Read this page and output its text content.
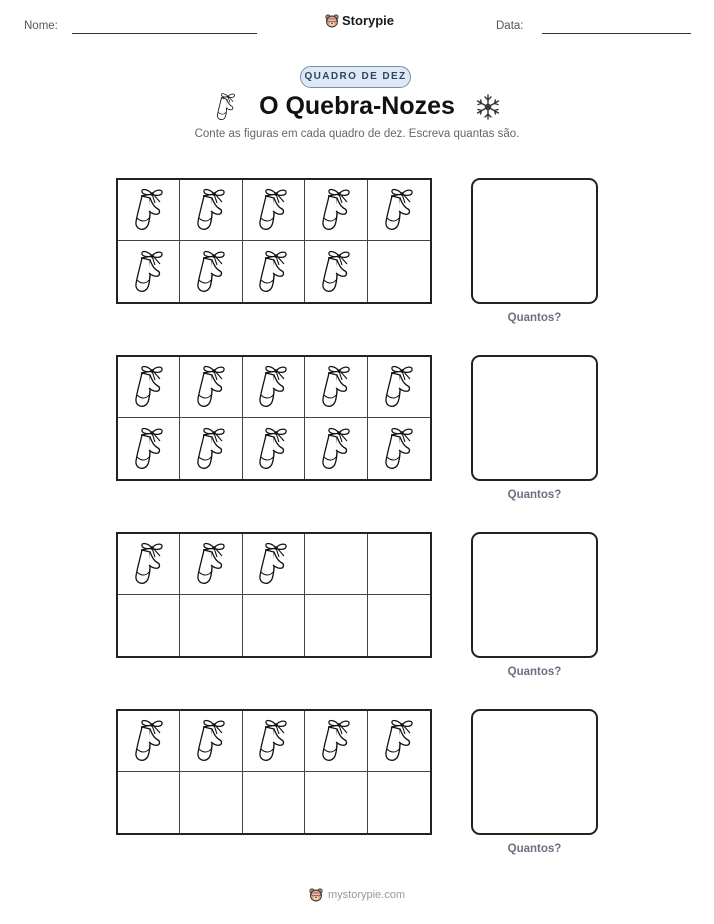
Nome:	Storypie	Data:
QUADRO DE DEZ
O Quebra-Nozes
Conte as figuras em cada quadro de dez. Escreva quantas são.
Quantos?
Quantos?
Quantos?
Quantos?
mystorypie.com
